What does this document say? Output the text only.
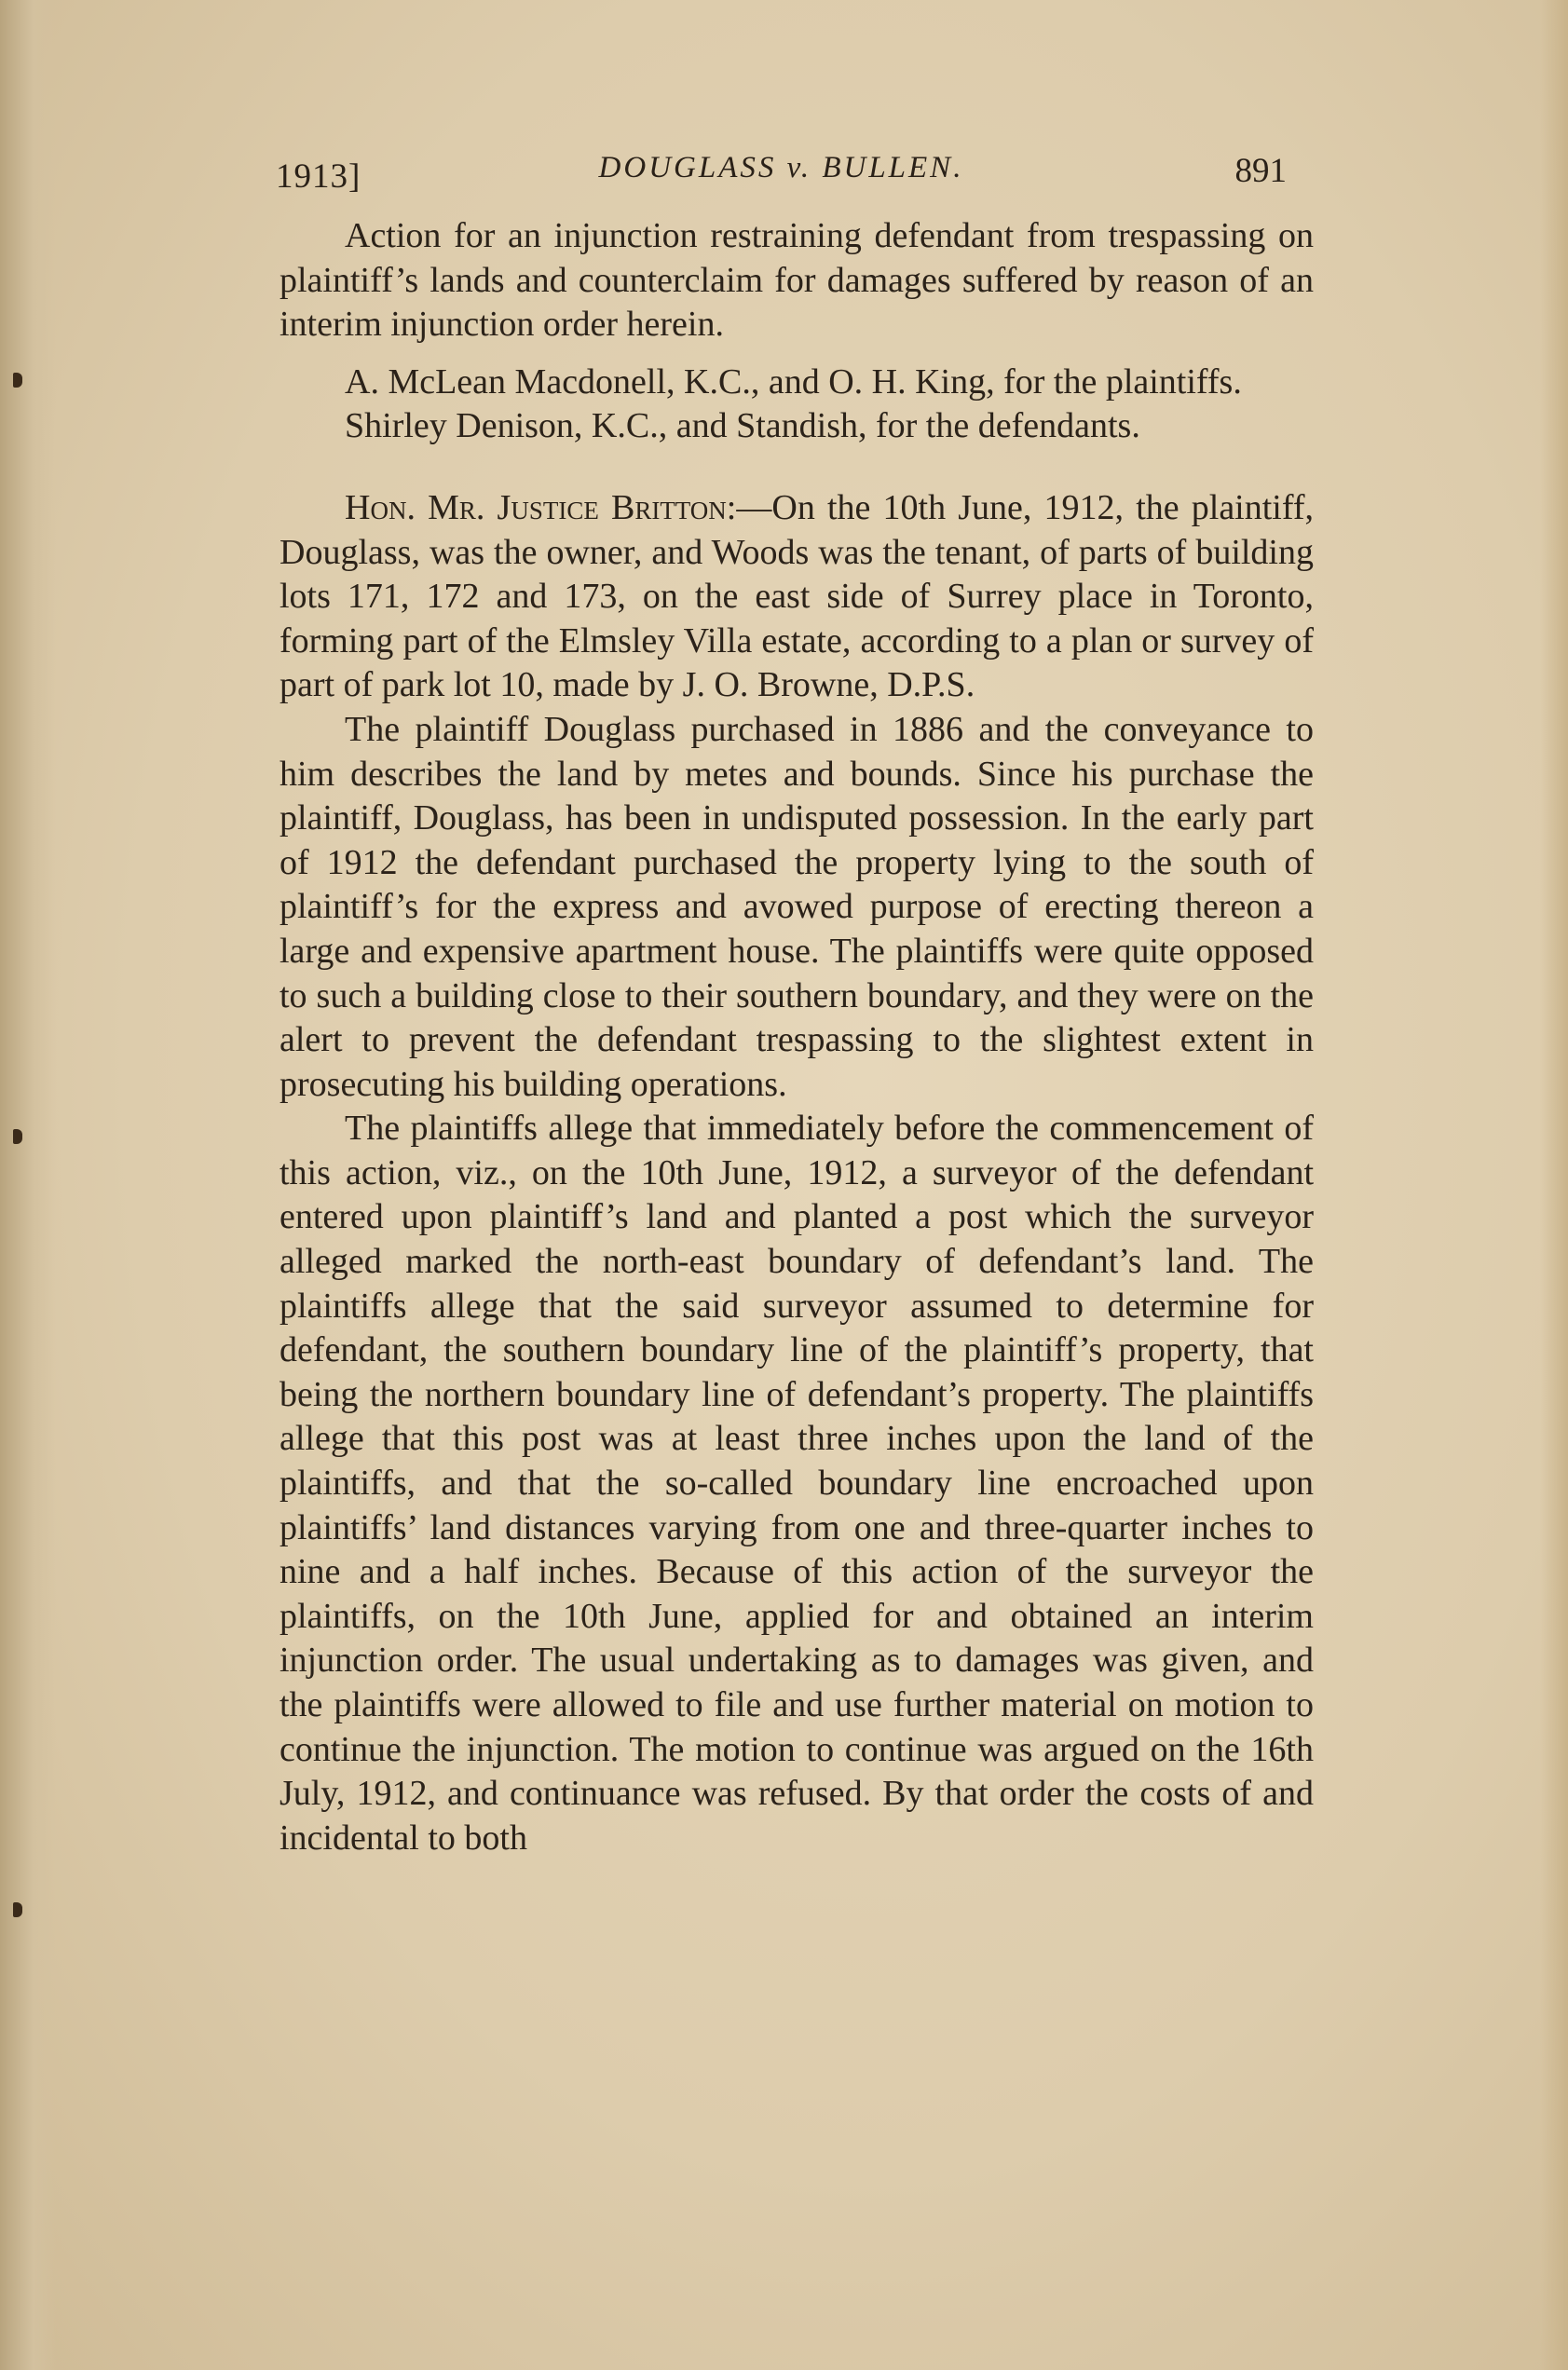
1913]	DOUGLASS v. BULLEN.	891

Action for an injunction restraining defendant from trespassing on plaintiff’s lands and counterclaim for damages suffered by reason of an interim injunction order herein.

A. McLean Macdonell, K.C., and O. H. King, for the plaintiffs.

Shirley Denison, K.C., and Standish, for the defendants.

Hon. Mr. Justice Britton:—On the 10th June, 1912, the plaintiff, Douglass, was the owner, and Woods was the tenant, of parts of building lots 171, 172 and 173, on the east side of Surrey place in Toronto, forming part of the Elmsley Villa estate, according to a plan or survey of part of park lot 10, made by J. O. Browne, D.P.S.

The plaintiff Douglass purchased in 1886 and the conveyance to him describes the land by metes and bounds. Since his purchase the plaintiff, Douglass, has been in undisputed possession. In the early part of 1912 the defendant purchased the property lying to the south of plaintiff’s for the express and avowed purpose of erecting thereon a large and expensive apartment house. The plaintiffs were quite opposed to such a building close to their southern boundary, and they were on the alert to prevent the defendant trespassing to the slightest extent in prosecuting his building operations.

The plaintiffs allege that immediately before the commencement of this action, viz., on the 10th June, 1912, a surveyor of the defendant entered upon plaintiff’s land and planted a post which the surveyor alleged marked the north-east boundary of defendant’s land. The plaintiffs allege that the said surveyor assumed to determine for defendant, the southern boundary line of the plaintiff’s property, that being the northern boundary line of defendant’s property. The plaintiffs allege that this post was at least three inches upon the land of the plaintiffs, and that the so-called boundary line encroached upon plaintiffs’ land distances varying from one and three-quarter inches to nine and a half inches. Because of this action of the surveyor the plaintiffs, on the 10th June, applied for and obtained an interim injunction order. The usual undertaking as to damages was given, and the plaintiffs were allowed to file and use further material on motion to continue the injunction. The motion to continue was argued on the 16th July, 1912, and continuance was refused. By that order the costs of and incidental to both
